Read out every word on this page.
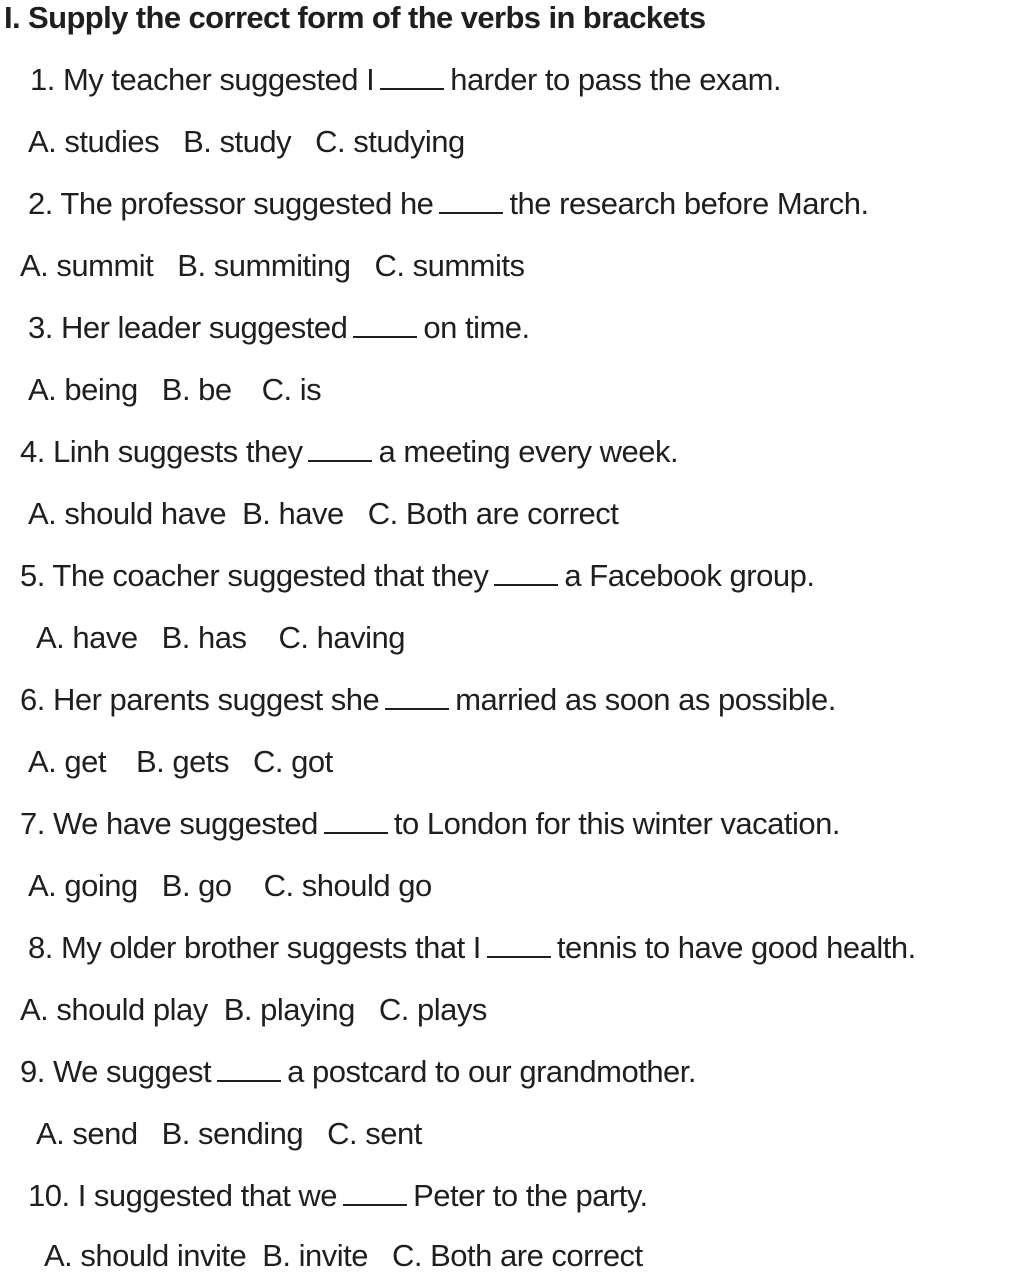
I. Supply the correct form of the verbs in brackets
1. My teacher suggested I harder to pass the exam.
A. studies B. study C. studying
2. The professor suggested he the research before March.
A. summit B. summiting C. summits
3. Her leader suggested on time.
A. being B. be C. is
4. Linh suggests they a meeting every week.
A. should have B. have C. Both are correct
5. The coacher suggested that they a Facebook group.
A. have B. has C. having
6. Her parents suggest she married as soon as possible.
A. get B. gets C. got
7. We have suggested to London for this winter vacation.
A. going B. go C. should go
8. My older brother suggests that I tennis to have good health.
A. should play B. playing C. plays
9. We suggest a postcard to our grandmother.
A. send B. sending C. sent
10. I suggested that we Peter to the party.
A. should invite B. invite C. Both are correct
